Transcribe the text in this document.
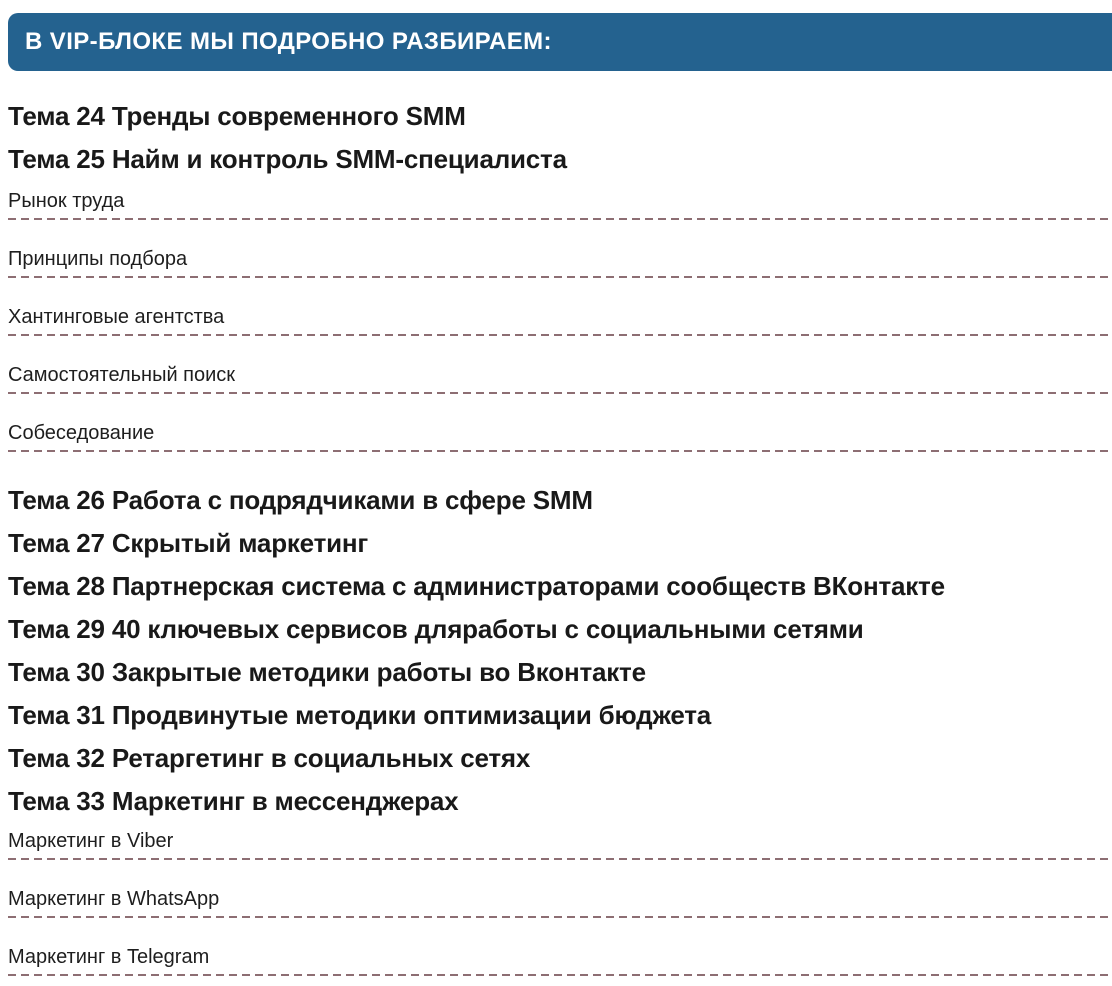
В VIP-БЛОКЕ МЫ ПОДРОБНО РАЗБИРАЕМ:
Тема 24 Тренды современного SMM
Тема 25 Найм и контроль SMM-специалиста
Рынок труда
Принципы подбора
Хантинговые агентства
Самостоятельный поиск
Собеседование
Тема 26 Работа с подрядчиками в сфере SMM
Тема 27 Скрытый маркетинг
Тема 28 Партнерская система с администраторами сообществ ВКонтакте
Тема 29 40 ключевых сервисов дляработы с социальными сетями
Тема 30 Закрытые методики работы во Вконтакте
Тема 31 Продвинутые методики оптимизации бюджета
Тема 32 Ретаргетинг в социальных сетях
Тема 33 Маркетинг в мессенджерах
Маркетинг в Viber
Маркетинг в WhatsApp
Маркетинг в Telegram
